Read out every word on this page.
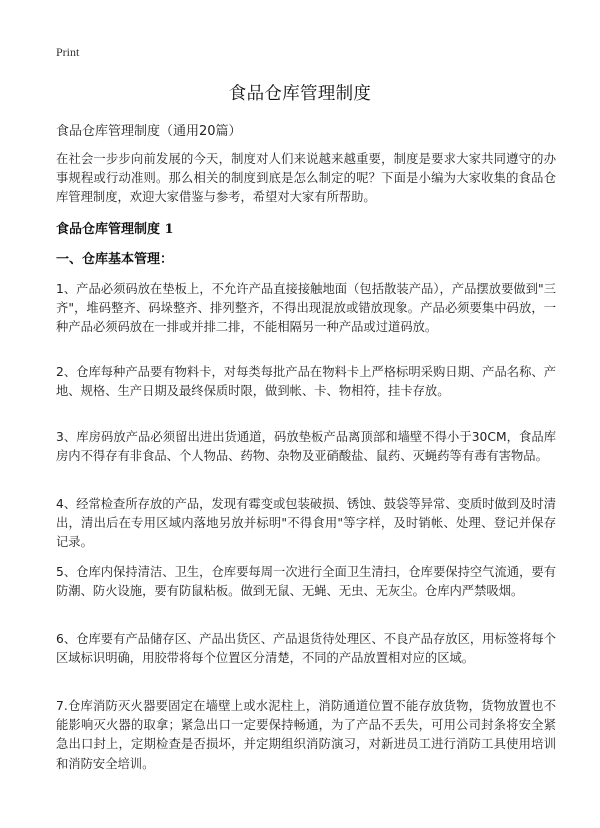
Print
食品仓库管理制度
食品仓库管理制度（通用20篇）

在社会一步步向前发展的今天，制度对人们来说越来越重要，制度是要求大家共同遵守的办事规程或行动准则。那么相关的制度到底是怎么制定的呢？下面是小编为大家收集的食品仓库管理制度，欢迎大家借鉴与参考，希望对大家有所帮助。

食品仓库管理制度 1
一、仓库基本管理：

1、产品必须码放在垫板上，不允许产品直接接触地面（包括散装产品），产品摆放要做到"三齐"，堆码整齐、码垛整齐、排列整齐，不得出现混放或错放现象。产品必须要集中码放，一种产品必须码放在一排或并排二排，不能相隔另一种产品或过道码放。

2、仓库每种产品要有物料卡，对每类每批产品在物料卡上严格标明采购日期、产品名称、产地、规格、生产日期及最终保质时限，做到帐、卡、物相符，挂卡存放。

3、库房码放产品必须留出进出货通道，码放垫板产品离顶部和墙壁不得小于30CM，食品库房内不得存有非食品、个人物品、药物、杂物及亚硝酸盐、鼠药、灭蝇药等有毒有害物品。

4、经常检查所存放的产品，发现有霉变或包装破损、锈蚀、鼓袋等异常、变质时做到及时清出，清出后在专用区域内落地另放并标明"不得食用"等字样，及时销帐、处理、登记并保存记录。

5、仓库内保持清洁、卫生，仓库要每周一次进行全面卫生清扫，仓库要保持空气流通，要有防潮、防火设施，要有防鼠粘板。做到无鼠、无蝇、无虫、无灰尘。仓库内严禁吸烟。

6、仓库要有产品储存区、产品出货区、产品退货待处理区、不良产品存放区，用标签将每个区域标识明确，用胶带将每个位置区分清楚，不同的产品放置相对应的区域。

7.仓库消防灭火器要固定在墙壁上或水泥柱上，消防通道位置不能存放货物，货物放置也不能影响灭火器的取拿；紧急出口一定要保持畅通，为了产品不丢失，可用公司封条将安全紧急出口封上，定期检查是否损坏，并定期组织消防演习，对新进员工进行消防工具使用培训和消防安全培训。
